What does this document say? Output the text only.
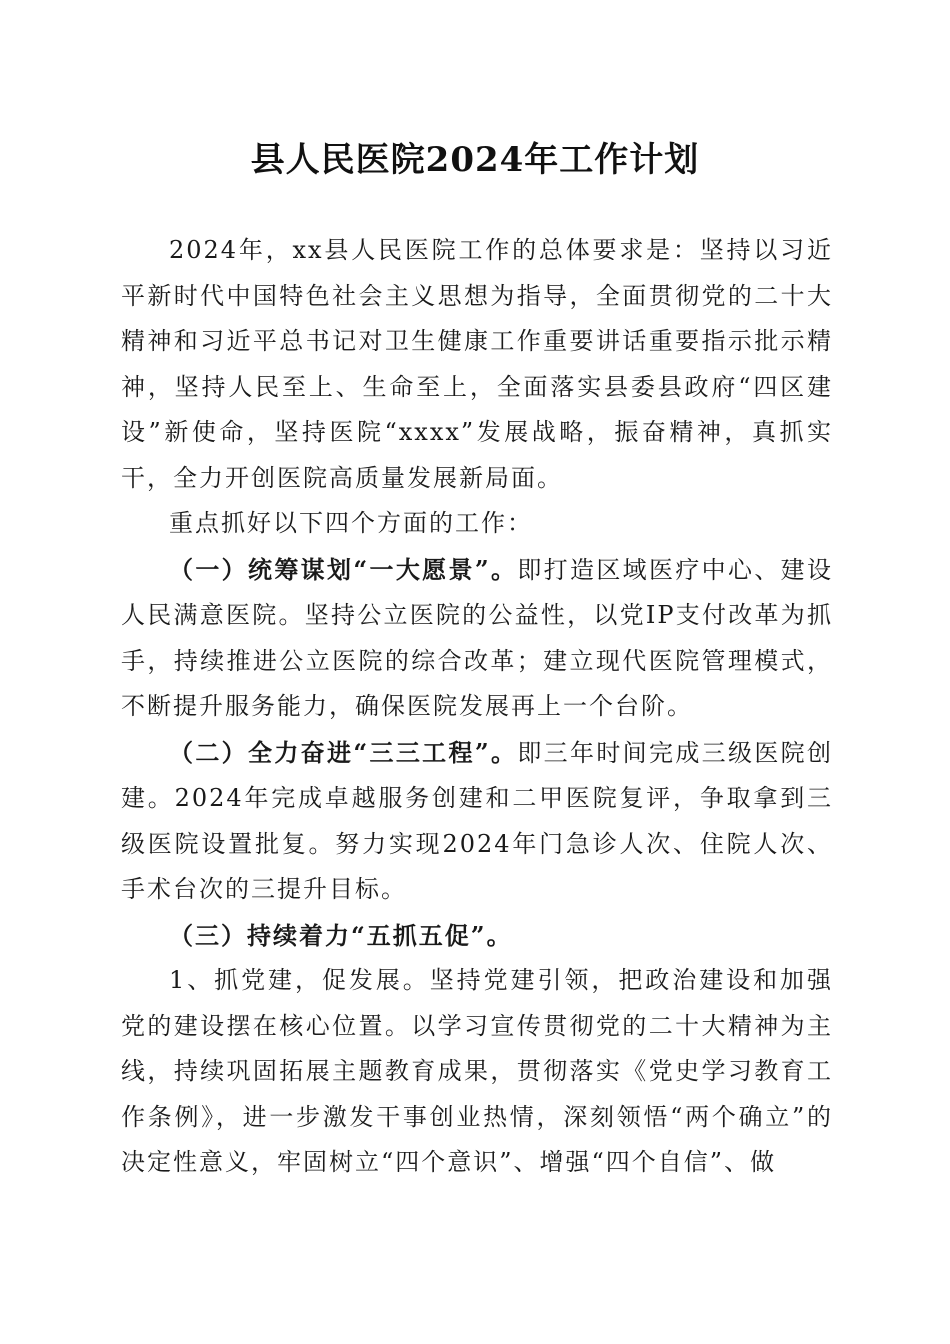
县人民医院2024年工作计划

2024年，xx县人民医院工作的总体要求是：坚持以习近平新时代中国特色社会主义思想为指导，全面贯彻党的二十大精神和习近平总书记对卫生健康工作重要讲话重要指示批示精神，坚持人民至上、生命至上，全面落实县委县政府“四区建设”新使命，坚持医院“xxxx”发展战略，振奋精神，真抓实干，全力开创医院高质量发展新局面。

重点抓好以下四个方面的工作：

（一）统筹谋划“一大愿景”。即打造区域医疗中心、建设人民满意医院。坚持公立医院的公益性，以党IP支付改革为抓手，持续推进公立医院的综合改革；建立现代医院管理模式，不断提升服务能力，确保医院发展再上一个台阶。

（二）全力奋进“三三工程”。即三年时间完成三级医院创建。2024年完成卓越服务创建和二甲医院复评，争取拿到三级医院设置批复。努力实现2024年门急诊人次、住院人次、手术台次的三提升目标。

（三）持续着力“五抓五促”。

1、抓党建，促发展。坚持党建引领，把政治建设和加强党的建设摆在核心位置。以学习宣传贯彻党的二十大精神为主线，持续巩固拓展主题教育成果，贯彻落实《党史学习教育工作条例》，进一步激发干事创业热情，深刻领悟“两个确立”的决定性意义，牢固树立“四个意识”、增强“四个自信”、做
